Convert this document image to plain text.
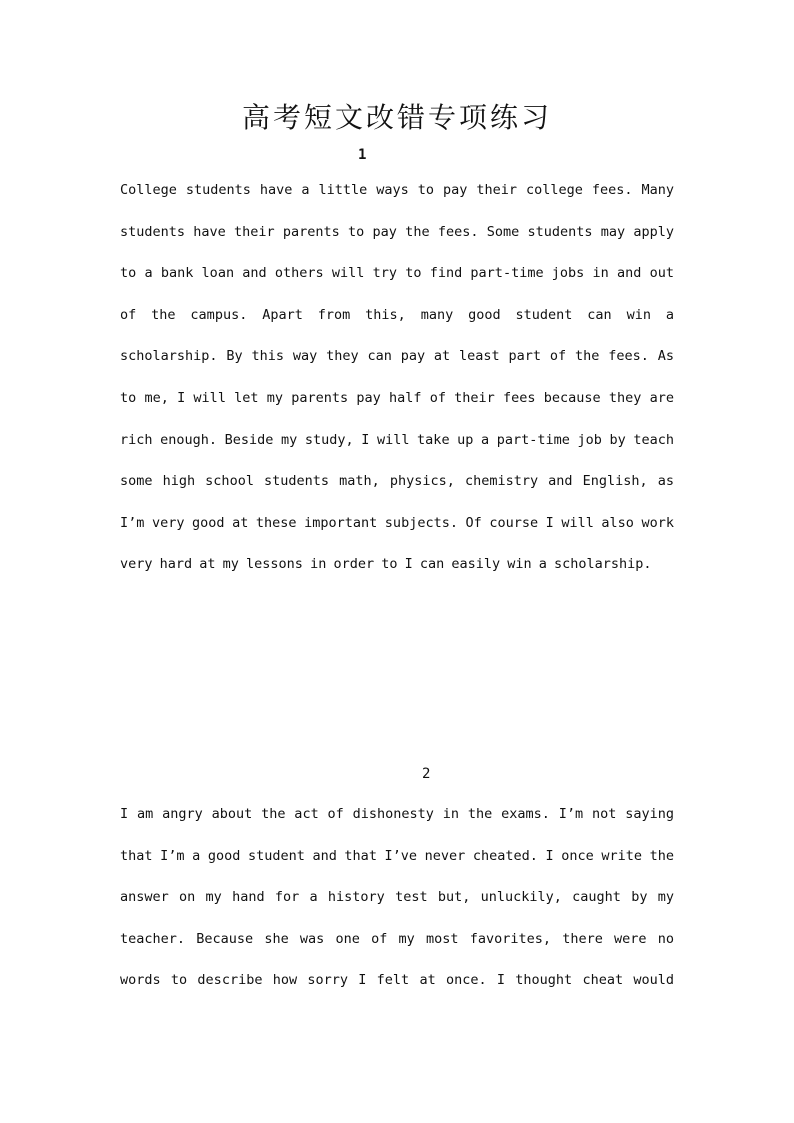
高考短文改错专项练习
1

College students have a little ways to pay their college fees. Many
students have their parents to pay the fees. Some students may apply
to a bank loan and others will try to find part-time jobs in and out
of the campus. Apart from this, many good student can win a
scholarship. By this way they can pay at least part of the fees. As
to me, I will let my parents pay half of their fees because they are
rich enough. Beside my study, I will take up a part-time job by teach
some high school students math, physics, chemistry and English, as
I’m very good at these important subjects. Of course I will also work
very hard at my lessons in order to I can easily win a scholarship.

2

I am angry about the act of dishonesty in the exams. I’m not saying
that I’m a good student and that I’ve never cheated. I once write the
answer on my hand for a history test but, unluckily, caught by my
teacher. Because she was one of my most favorites, there were no
words to describe how sorry I felt at once. I thought cheat would
